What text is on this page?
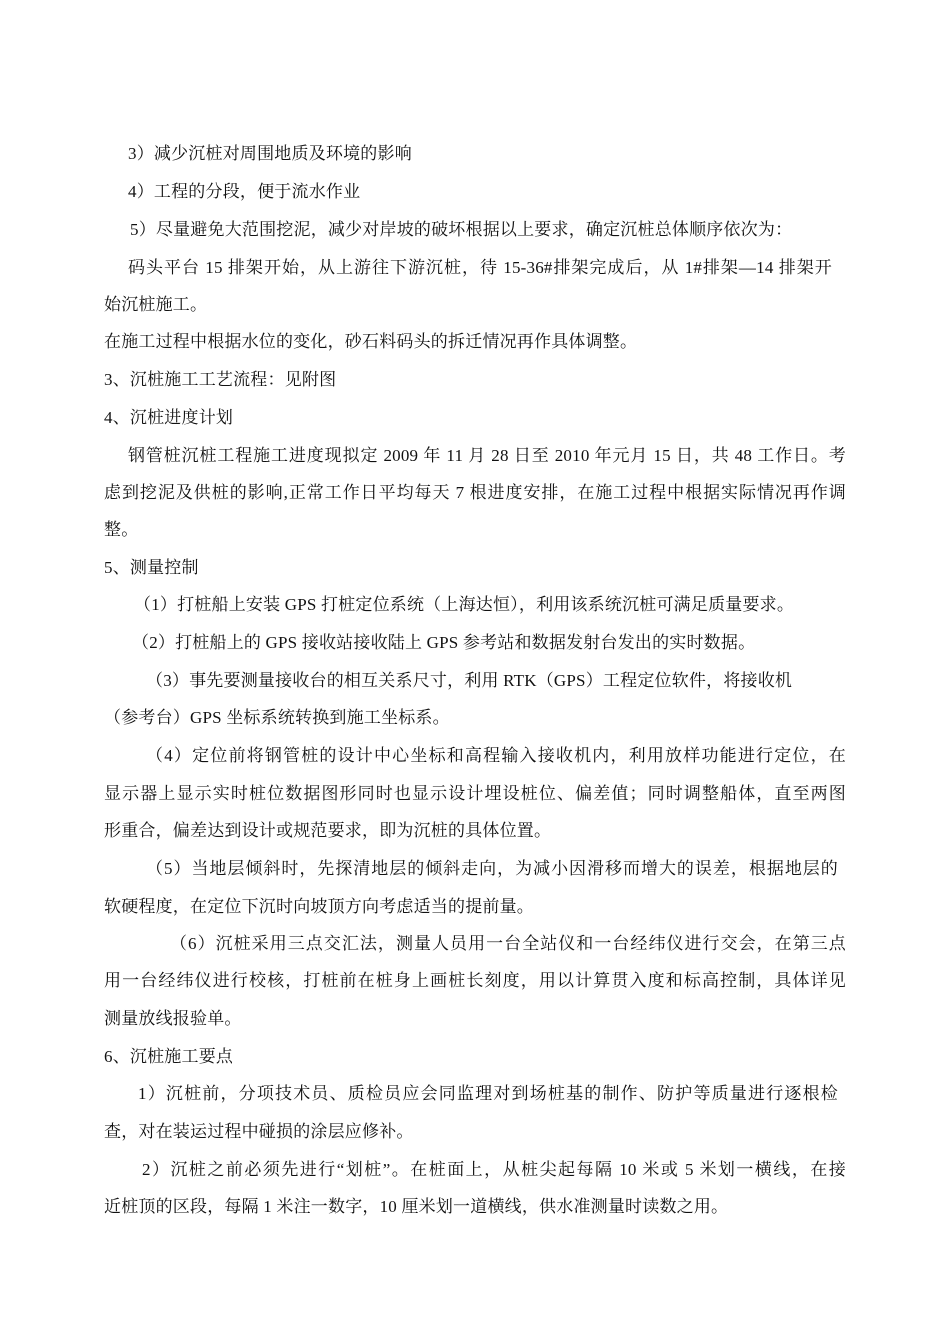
3）减少沉桩对周围地质及环境的影响
4）工程的分段，便于流水作业
5）尽量避免大范围挖泥，减少对岸坡的破坏根据以上要求，确定沉桩总体顺序依次为：
码头平台 15 排架开始，从上游往下游沉桩，待 15-36#排架完成后，从 1#排架—14 排架开
始沉桩施工。
在施工过程中根据水位的变化，砂石料码头的拆迁情况再作具体调整。
3、沉桩施工工艺流程：见附图
4、沉桩进度计划
钢管桩沉桩工程施工进度现拟定 2009 年 11 月 28 日至 2010 年元月 15 日，共 48 工作日。考
虑到挖泥及供桩的影响,正常工作日平均每天 7 根进度安排，在施工过程中根据实际情况再作调
整。
5、测量控制
（1）打桩船上安装 GPS 打桩定位系统（上海达恒），利用该系统沉桩可满足质量要求。
（2）打桩船上的 GPS 接收站接收陆上 GPS 参考站和数据发射台发出的实时数据。
（3）事先要测量接收台的相互关系尺寸，利用 RTK（GPS）工程定位软件，将接收机
（参考台）GPS 坐标系统转换到施工坐标系。
（4）定位前将钢管桩的设计中心坐标和高程输入接收机内，利用放样功能进行定位，在
显示器上显示实时桩位数据图形同时也显示设计埋设桩位、偏差值；同时调整船体，直至两图
形重合，偏差达到设计或规范要求，即为沉桩的具体位置。
（5）当地层倾斜时，先探清地层的倾斜走向，为减小因滑移而增大的误差，根据地层的
软硬程度，在定位下沉时向坡顶方向考虑适当的提前量。
（6）沉桩采用三点交汇法，测量人员用一台全站仪和一台经纬仪进行交会，在第三点
用一台经纬仪进行校核，打桩前在桩身上画桩长刻度，用以计算贯入度和标高控制，具体详见
测量放线报验单。
6、沉桩施工要点
1）沉桩前，分项技术员、质检员应会同监理对到场桩基的制作、防护等质量进行逐根检
查，对在装运过程中碰损的涂层应修补。
2）沉桩之前必须先进行“划桩”。在桩面上，从桩尖起每隔 10 米或 5 米划一横线，在接
近桩顶的区段，每隔 1 米注一数字，10 厘米划一道横线，供水准测量时读数之用。
